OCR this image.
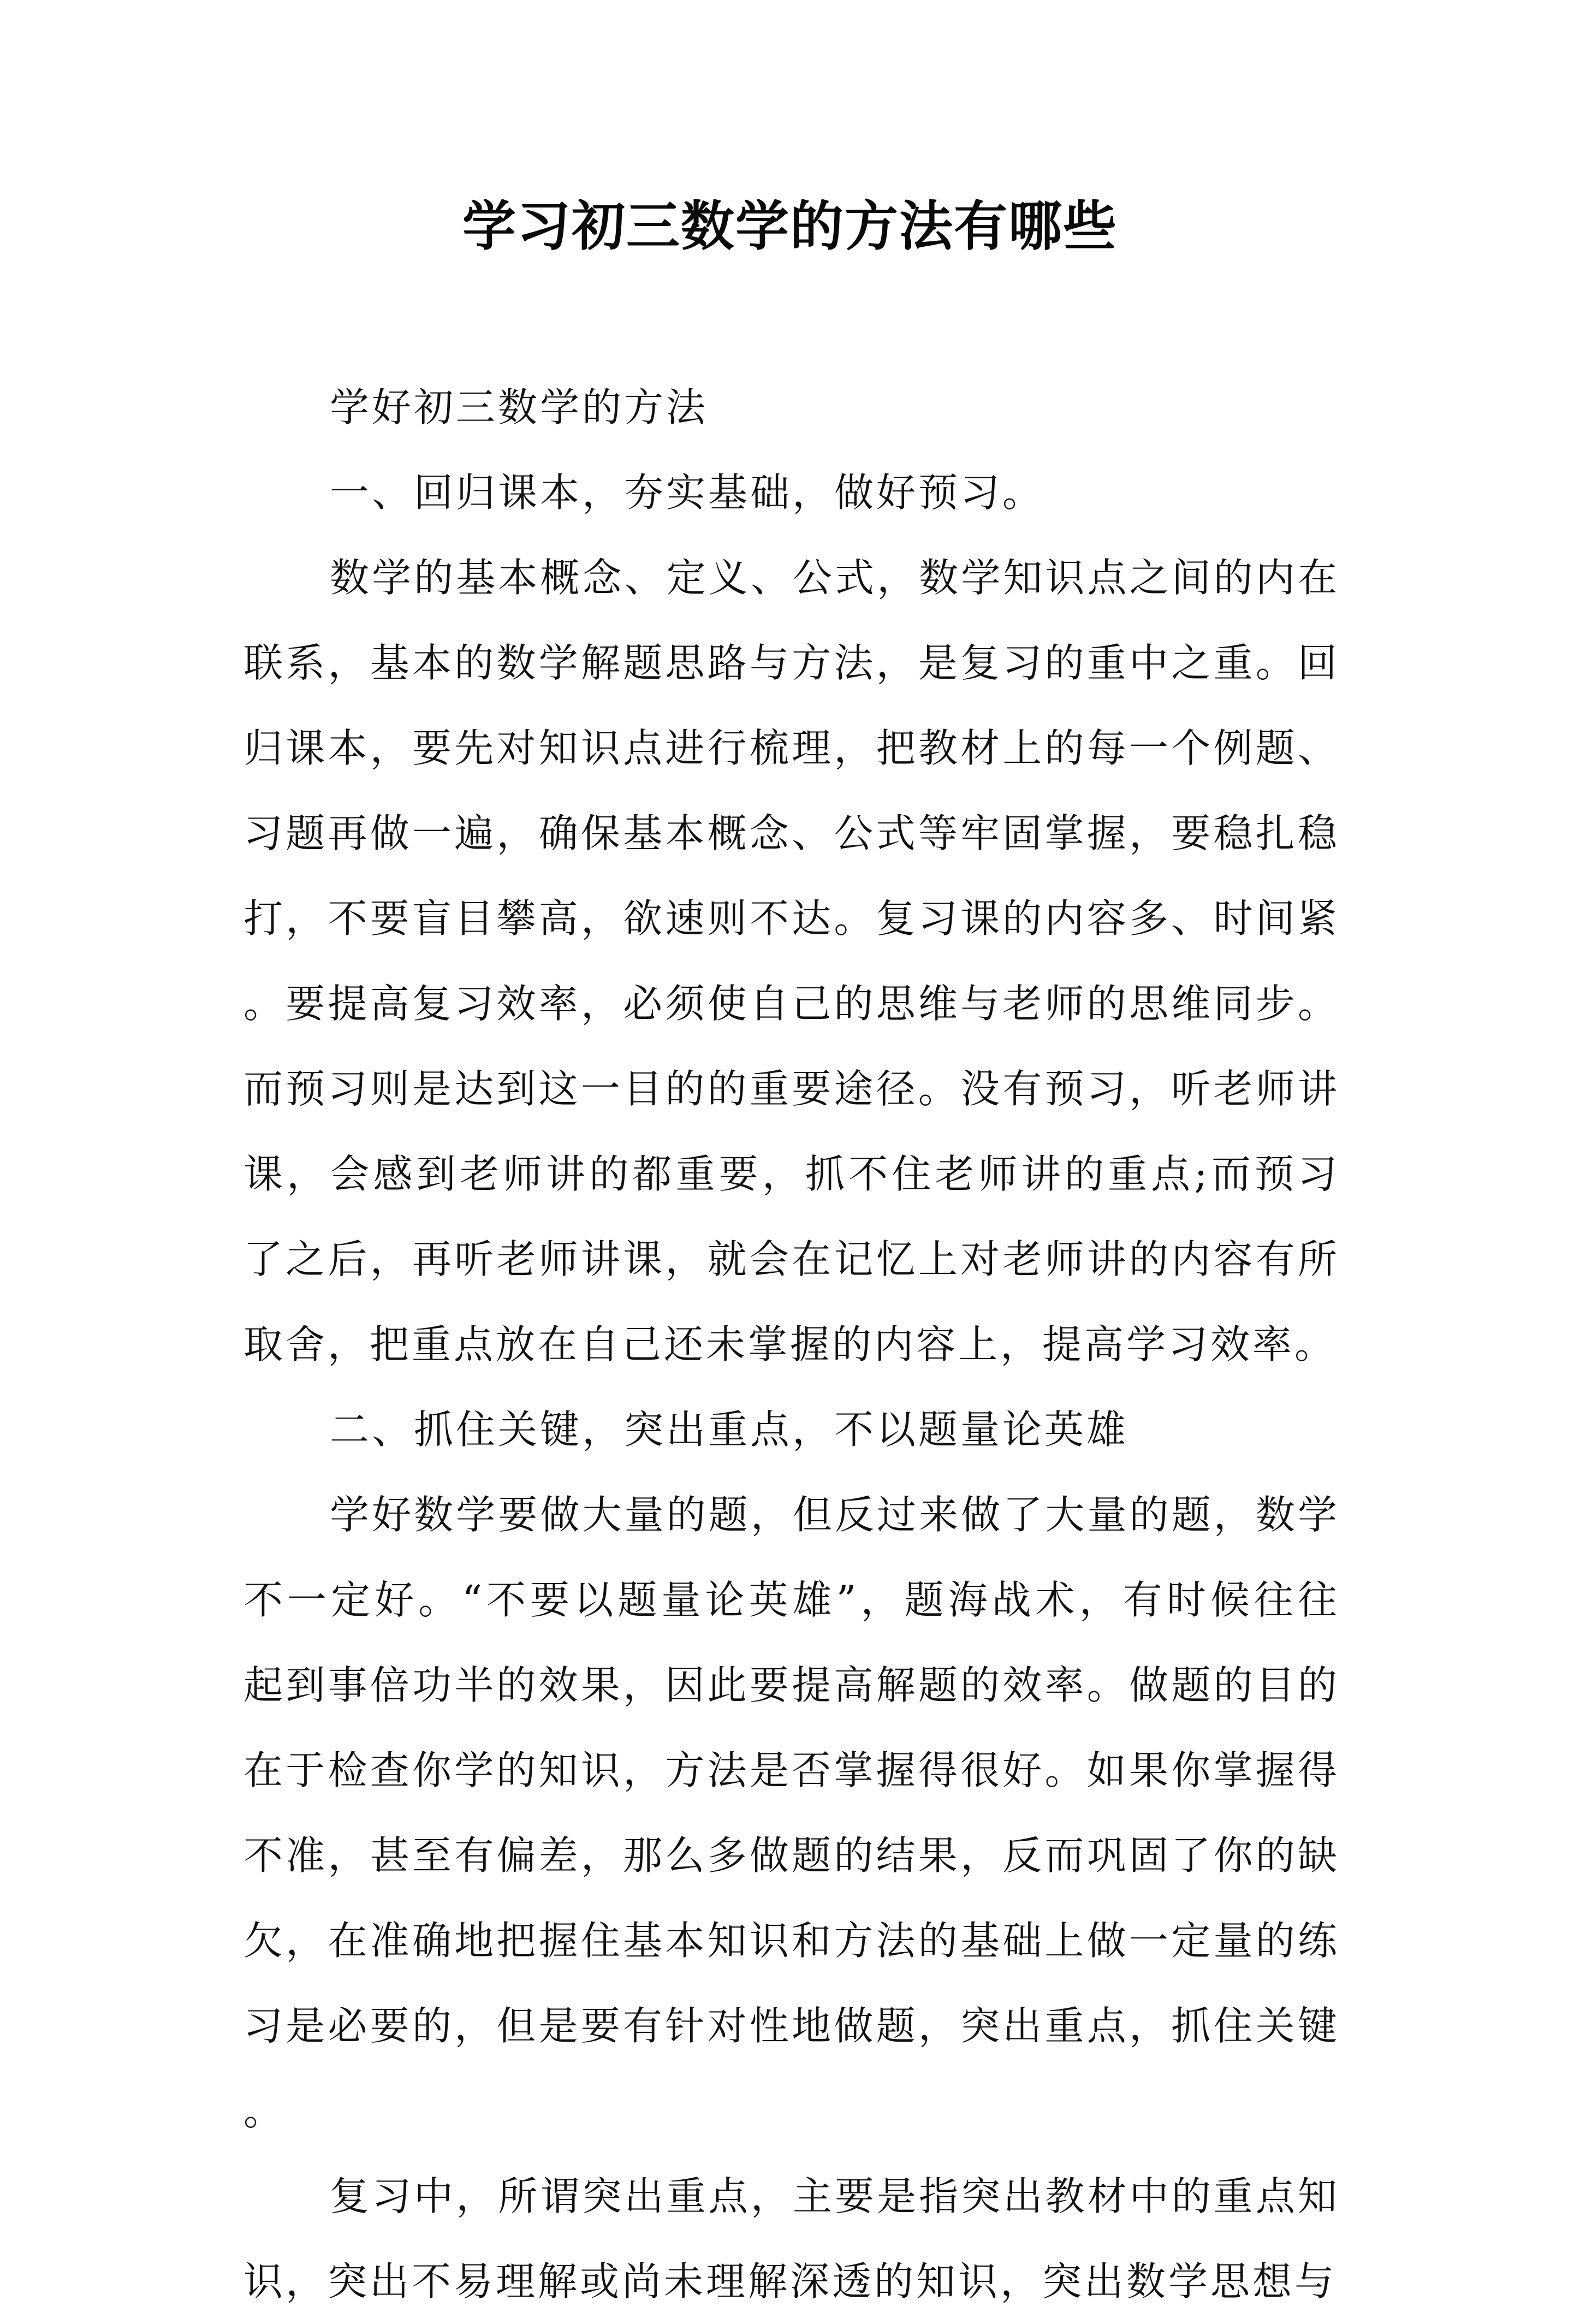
学习初三数学的方法有哪些

学好初三数学的方法

一、回归课本，夯实基础，做好预习。

数学的基本概念、定义、公式，数学知识点之间的内在联系，基本的数学解题思路与方法，是复习的重中之重。回归课本，要先对知识点进行梳理，把教材上的每一个例题、习题再做一遍，确保基本概念、公式等牢固掌握，要稳扎稳打，不要盲目攀高，欲速则不达。复习课的内容多、时间紧。要提高复习效率，必须使自己的思维与老师的思维同步。而预习则是达到这一目的的重要途径。没有预习，听老师讲课，会感到老师讲的都重要，抓不住老师讲的重点;而预习了之后，再听老师讲课，就会在记忆上对老师讲的内容有所取舍，把重点放在自己还未掌握的内容上，提高学习效率。

二、抓住关键，突出重点，不以题量论英雄

学好数学要做大量的题，但反过来做了大量的题，数学不一定好。“不要以题量论英雄”，题海战术，有时候往往起到事倍功半的效果，因此要提高解题的效率。做题的目的在于检查你学的知识，方法是否掌握得很好。如果你掌握得不准，甚至有偏差，那么多做题的结果，反而巩固了你的缺欠，在准确地把握住基本知识和方法的基础上做一定量的练习是必要的，但是要有针对性地做题，突出重点，抓住关键。

复习中，所谓突出重点，主要是指突出教材中的重点知识，突出不易理解或尚未理解深透的知识，突出数学思想与
